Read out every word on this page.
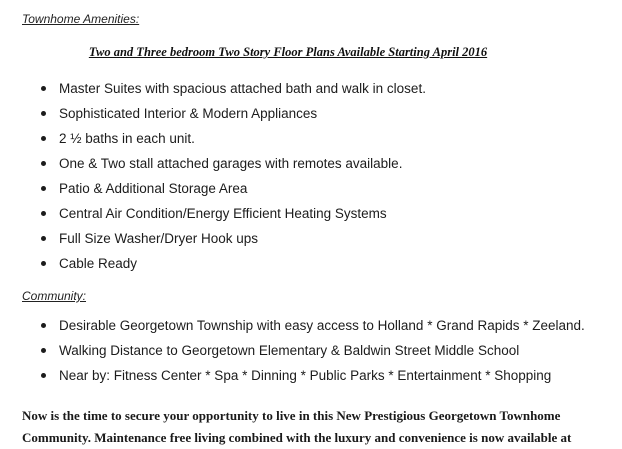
Townhome Amenities:
Two and Three bedroom Two Story Floor Plans Available Starting April 2016
Master Suites with spacious attached bath and walk in closet.
Sophisticated Interior & Modern Appliances
2 ½ baths in each unit.
One & Two stall attached garages with remotes available.
Patio & Additional Storage Area
Central Air Condition/Energy Efficient Heating Systems
Full Size Washer/Dryer Hook ups
Cable Ready
Community:
Desirable Georgetown Township with easy access to Holland * Grand Rapids * Zeeland.
Walking Distance to Georgetown Elementary & Baldwin Street Middle School
Near by: Fitness Center * Spa * Dinning * Public Parks * Entertainment * Shopping
Now is the time to secure your opportunity to live in this New Prestigious Georgetown Townhome
Community. Maintenance free living combined with the luxury and convenience is now available at
